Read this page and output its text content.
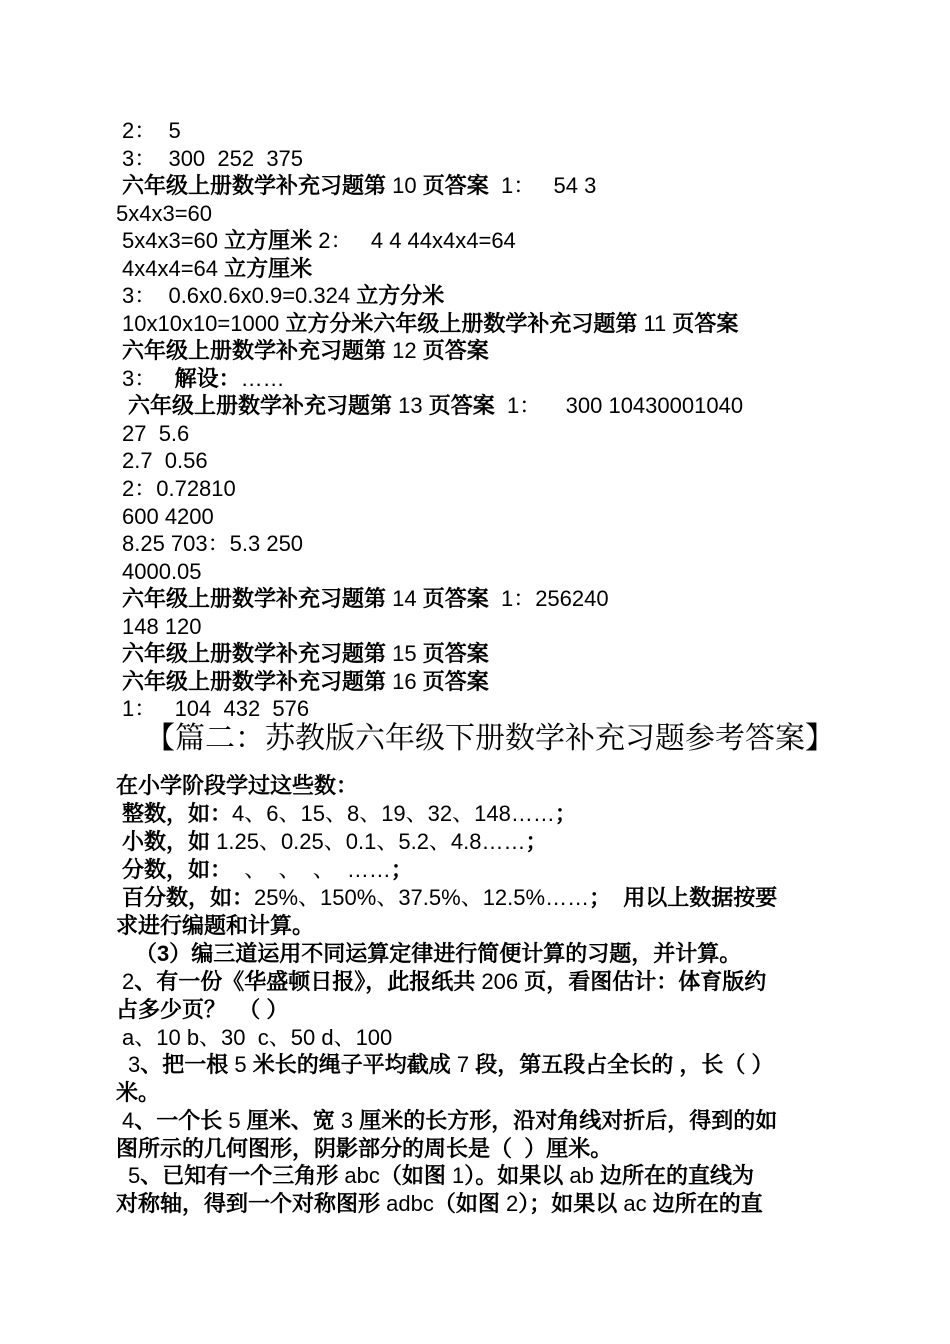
2：  5
3：  300  252  375
六年级上册数学补充习题第 10 页答案  1：   54 3
5x4x3=60
5x4x3=60 立方厘米 2：   4 4 44x4x4=64
4x4x4=64 立方厘米
3：  0.6x0.6x0.9=0.324 立方分米
10x10x10=1000 立方分米六年级上册数学补充习题第 11 页答案
六年级上册数学补充习题第 12 页答案
3：   解设：……
六年级上册数学补充习题第 13 页答案  1：    300 10430001040
27  5.6
2.7  0.56
2：0.72810
600 4200
8.25 703：5.3 250
4000.05
六年级上册数学补充习题第 14 页答案  1：256240
148 120
六年级上册数学补充习题第 15 页答案
六年级上册数学补充习题第 16 页答案
1：   104  432  576
【篇二：苏教版六年级下册数学补充习题参考答案】
在小学阶段学过这些数：
整数，如：4、6、15、8、19、32、148……；
小数，如 1.25、0.25、0.1、5.2、4.8……；
分数，如：  、  、  、  ……；
百分数，如：25%、150%、37.5%、12.5%……；  用以上数据按要
求进行编题和计算。
（3）编三道运用不同运算定律进行简便计算的习题，并计算。
2、有一份《华盛顿日报》，此报纸共 206 页，看图估计：体育版约
占多少页？  （ ）
a、10 b、30  c、50 d、100
3、把一根 5 米长的绳子平均截成 7 段，第五段占全长的 ，长（ ）
米。
4、一个长 5 厘米、宽 3 厘米的长方形，沿对角线对折后，得到的如
图所示的几何图形，阴影部分的周长是（  ）厘米。
5、已知有一个三角形 abc（如图 1）。如果以 ab 边所在的直线为
对称轴，得到一个对称图形 adbc（如图 2）；如果以 ac 边所在的直
